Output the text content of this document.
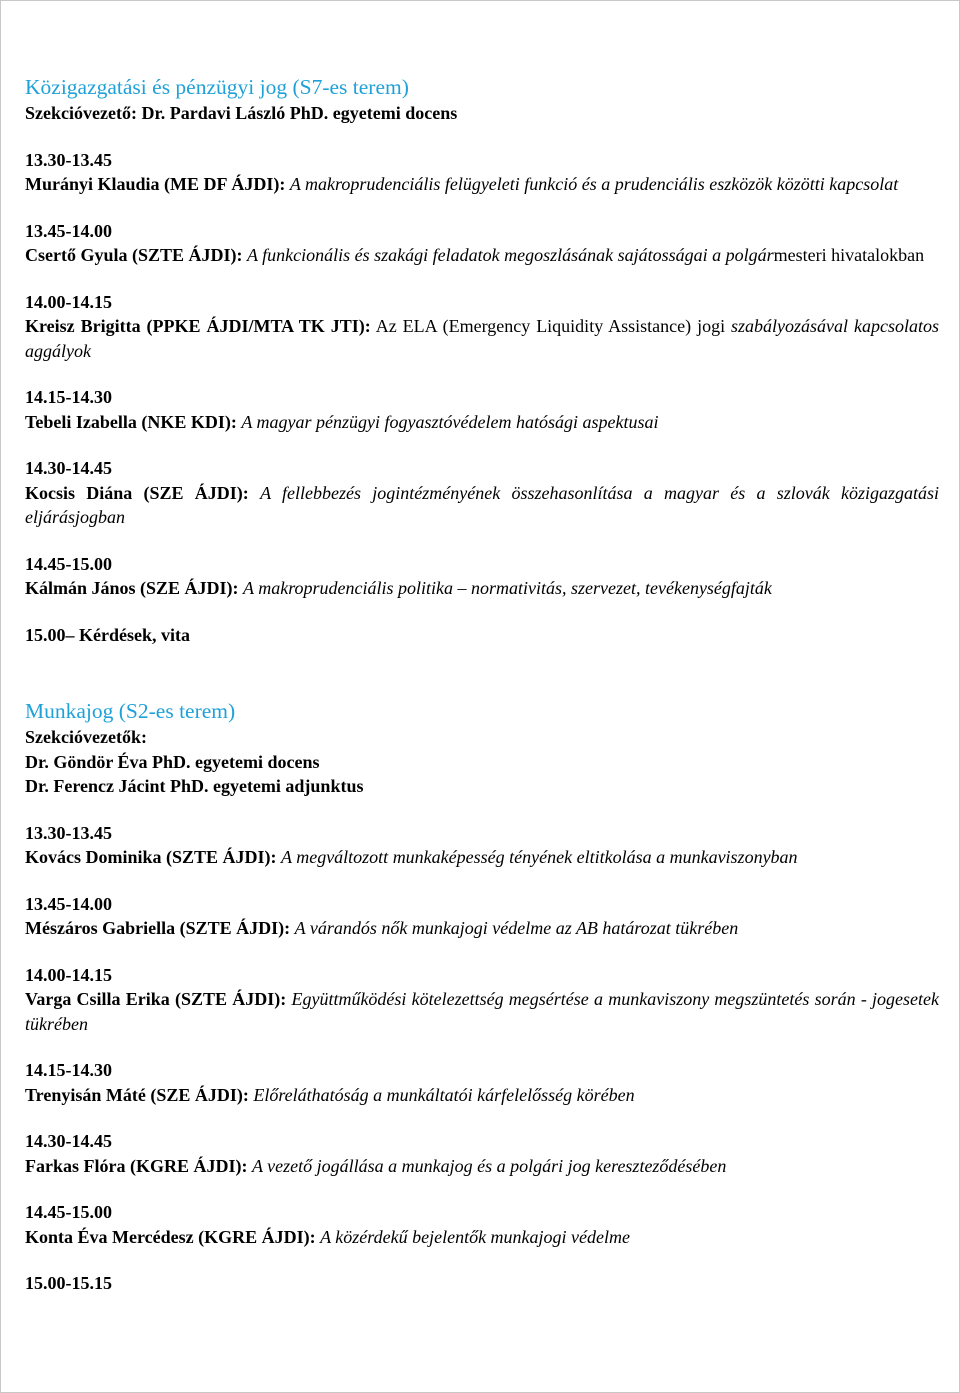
Közigazgatási és pénzügyi jog (S7-es terem)
Szekcióvezető: Dr. Pardavi László PhD. egyetemi docens
13.30-13.45
Murányi Klaudia (ME DF ÁJDI): A makroprudenciális felügyeleti funkció és a prudenciális eszközök közötti kapcsolat
13.45-14.00
Csertő Gyula (SZTE ÁJDI): A funkcionális és szakági feladatok megoszlásának sajátosságai a polgármesteri hivatalokban
14.00-14.15
Kreisz Brigitta (PPKE ÁJDI/MTA TK JTI): Az ELA (Emergency Liquidity Assistance) jogi szabályozásával kapcsolatos aggályok
14.15-14.30
Tebeli Izabella (NKE KDI): A magyar pénzügyi fogyasztóvédelem hatósági aspektusai
14.30-14.45
Kocsis Diána (SZE ÁJDI): A fellebbezés jogintézményének összehasonlítása a magyar és a szlovák közigazgatási eljárásjogban
14.45-15.00
Kálmán János (SZE ÁJDI): A makroprudenciális politika – normativitás, szervezet, tevékenységfajták
15.00– Kérdések, vita
Munkajog (S2-es terem)
Szekcióvezetők:
Dr. Göndör Éva PhD. egyetemi docens
Dr. Ferencz Jácint PhD. egyetemi adjunktus
13.30-13.45
Kovács Dominika (SZTE ÁJDI): A megváltozott munkaképesség tényének eltitkolása a munkaviszonyban
13.45-14.00
Mészáros Gabriella (SZTE ÁJDI): A várandós nők munkajogi védelme az AB határozat tükrében
14.00-14.15
Varga Csilla Erika (SZTE ÁJDI): Együttműködési kötelezettség megsértése a munkaviszony megszüntetés során - jogesetek tükrében
14.15-14.30
Trenyisán Máté (SZE ÁJDI): Előreláthatóság a munkáltatói kárfelelősség körében
14.30-14.45
Farkas Flóra (KGRE ÁJDI): A vezető jogállása a munkajog és a polgári jog kereszteződésében
14.45-15.00
Konta Éva Mercédesz (KGRE ÁJDI): A közérdekű bejelentők munkajogi védelme
15.00-15.15
